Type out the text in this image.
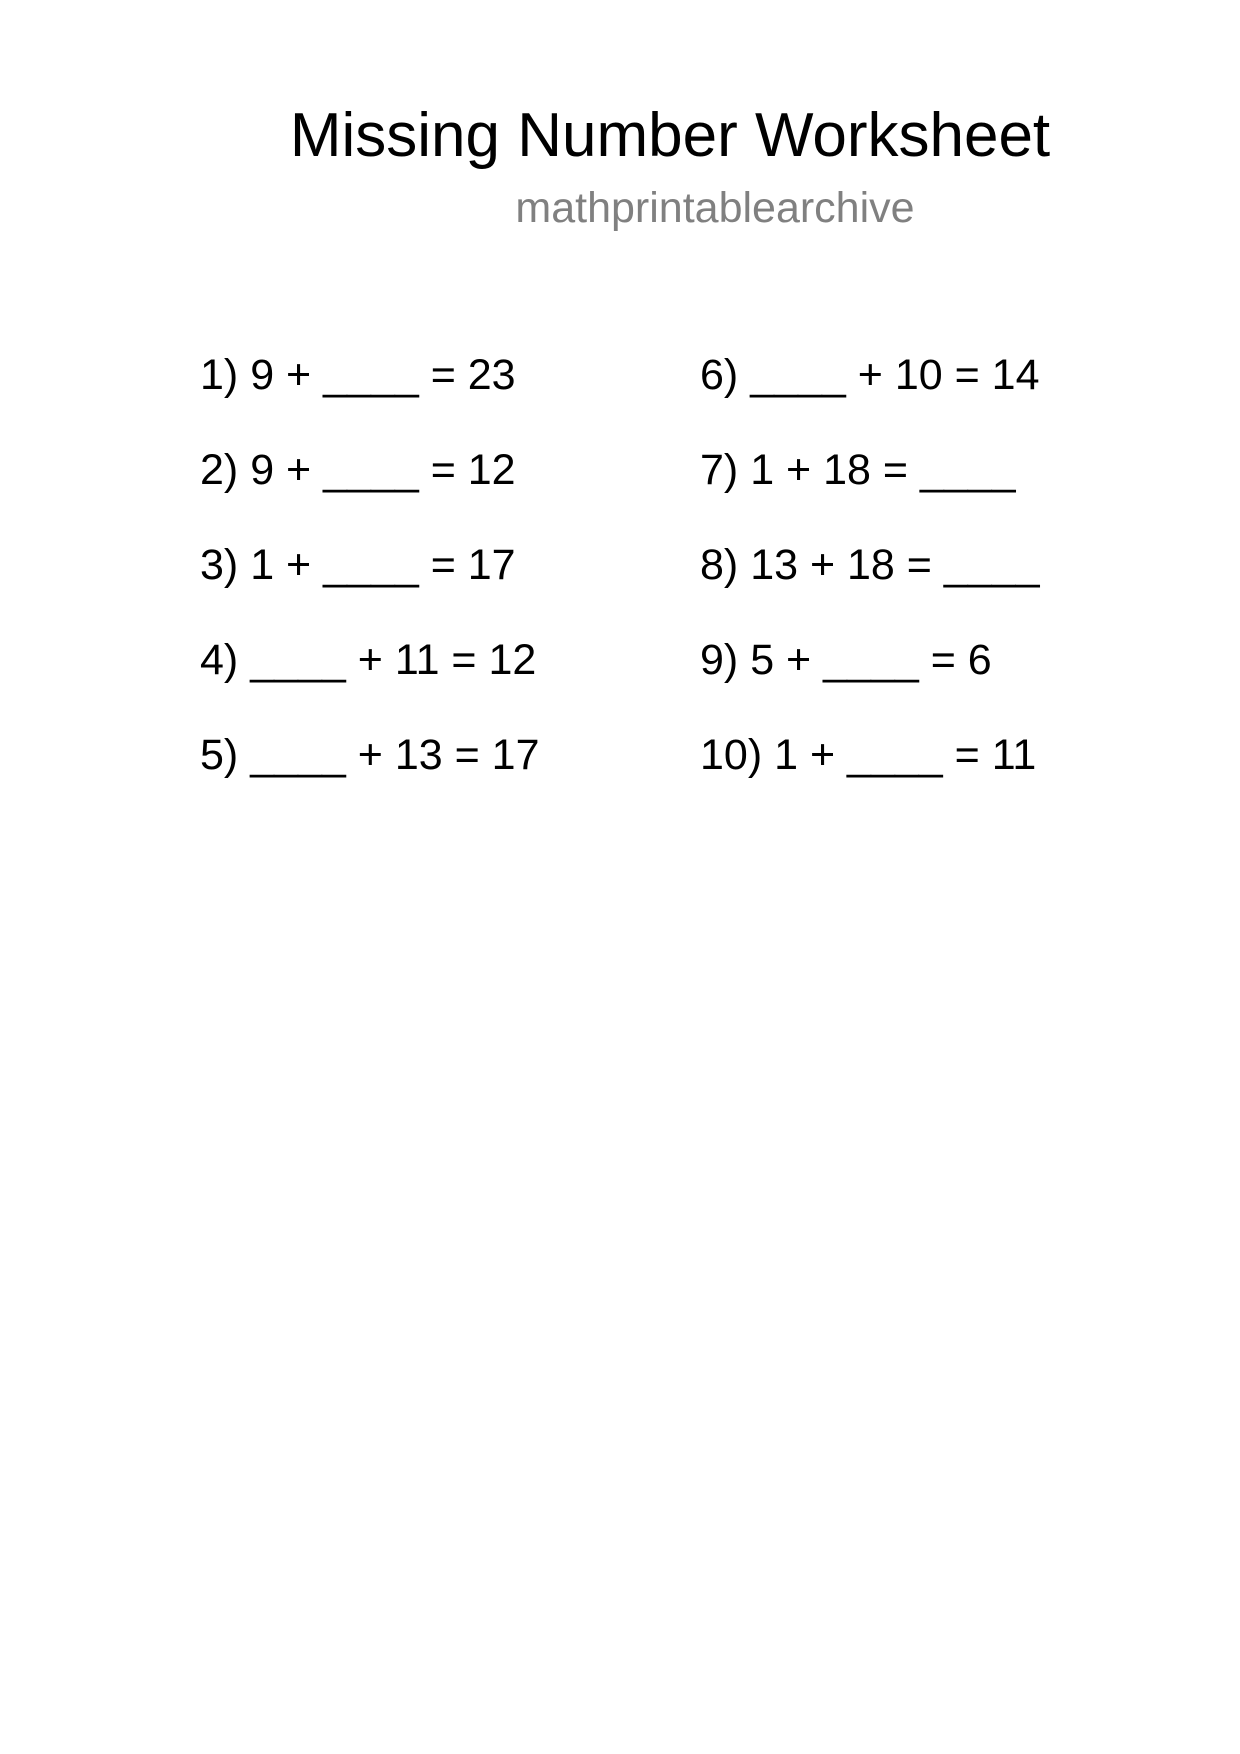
Missing Number Worksheet
mathprintablearchive
1) 9 + ____ = 23
2) 9 + ____ = 12
3) 1 + ____ = 17
4) ____ + 11 = 12
5) ____ + 13 = 17
6) ____ + 10 = 14
7) 1 + 18 = ____
8) 13 + 18 = ____
9) 5 + ____ = 6
10) 1 + ____ = 11
